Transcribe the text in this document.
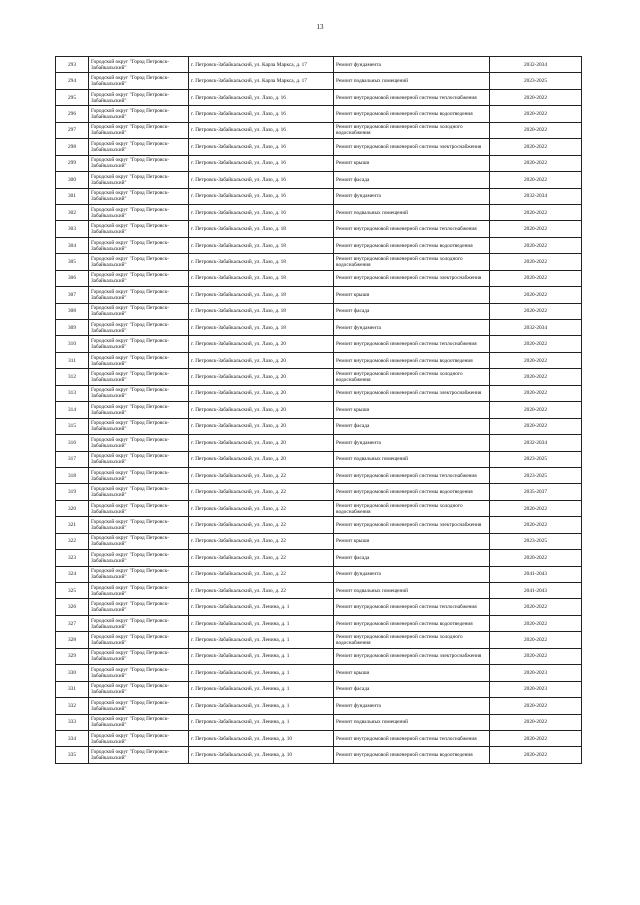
13
293	Городской округ "Город Петровск-Забайкальский"	г. Петровск-Забайкальский, ул. Карла Маркса, д. 17	Ремонт фундамента	2032-2034
294	Городской округ "Город Петровск-Забайкальский"	г. Петровск-Забайкальский, ул. Карла Маркса, д. 17	Ремонт подвальных помещений	2023-2025
295	Городской округ "Город Петровск-Забайкальский"	г. Петровск-Забайкальский, ул. Лазо, д. 16	Ремонт внутридомовой инженерной системы теплоснабжения	2020-2022
296	Городской округ "Город Петровск-Забайкальский"	г. Петровск-Забайкальский, ул. Лазо, д. 16	Ремонт внутридомовой инженерной системы водоотведения	2020-2022
297	Городской округ "Город Петровск-Забайкальский"	г. Петровск-Забайкальский, ул. Лазо, д. 16	Ремонт внутридомовой инженерной системы холодного водоснабжения	2020-2022
298	Городской округ "Город Петровск-Забайкальский"	г. Петровск-Забайкальский, ул. Лазо, д. 16	Ремонт внутридомовой инженерной системы электроснабжения	2020-2022
299	Городской округ "Город Петровск-Забайкальский"	г. Петровск-Забайкальский, ул. Лазо, д. 16	Ремонт крыши	2020-2022
300	Городской округ "Город Петровск-Забайкальский"	г. Петровск-Забайкальский, ул. Лазо, д. 16	Ремонт фасада	2020-2022
301	Городской округ "Город Петровск-Забайкальский"	г. Петровск-Забайкальский, ул. Лазо, д. 16	Ремонт фундамента	2032-2034
302	Городской округ "Город Петровск-Забайкальский"	г. Петровск-Забайкальский, ул. Лазо, д. 16	Ремонт подвальных помещений	2020-2022
303	Городской округ "Город Петровск-Забайкальский"	г. Петровск-Забайкальский, ул. Лазо, д. 18	Ремонт внутридомовой инженерной системы теплоснабжения	2020-2022
304	Городской округ "Город Петровск-Забайкальский"	г. Петровск-Забайкальский, ул. Лазо, д. 18	Ремонт внутридомовой инженерной системы водоотведения	2020-2022
305	Городской округ "Город Петровск-Забайкальский"	г. Петровск-Забайкальский, ул. Лазо, д. 18	Ремонт внутридомовой инженерной системы холодного водоснабжения	2020-2022
306	Городской округ "Город Петровск-Забайкальский"	г. Петровск-Забайкальский, ул. Лазо, д. 18	Ремонт внутридомовой инженерной системы электроснабжения	2020-2022
307	Городской округ "Город Петровск-Забайкальский"	г. Петровск-Забайкальский, ул. Лазо, д. 18	Ремонт крыши	2020-2022
308	Городской округ "Город Петровск-Забайкальский"	г. Петровск-Забайкальский, ул. Лазо, д. 18	Ремонт фасада	2020-2022
309	Городской округ "Город Петровск-Забайкальский"	г. Петровск-Забайкальский, ул. Лазо, д. 18	Ремонт фундамента	2032-2034
310	Городской округ "Город Петровск-Забайкальский"	г. Петровск-Забайкальский, ул. Лазо, д. 20	Ремонт внутридомовой инженерной системы теплоснабжения	2020-2022
311	Городской округ "Город Петровск-Забайкальский"	г. Петровск-Забайкальский, ул. Лазо, д. 20	Ремонт внутридомовой инженерной системы водоотведения	2020-2022
312	Городской округ "Город Петровск-Забайкальский"	г. Петровск-Забайкальский, ул. Лазо, д. 20	Ремонт внутридомовой инженерной системы холодного водоснабжения	2020-2022
313	Городской округ "Город Петровск-Забайкальский"	г. Петровск-Забайкальский, ул. Лазо, д. 20	Ремонт внутридомовой инженерной системы электроснабжения	2020-2022
314	Городской округ "Город Петровск-Забайкальский"	г. Петровск-Забайкальский, ул. Лазо, д. 20	Ремонт крыши	2020-2022
315	Городской округ "Город Петровск-Забайкальский"	г. Петровск-Забайкальский, ул. Лазо, д. 20	Ремонт фасада	2020-2022
316	Городской округ "Город Петровск-Забайкальский"	г. Петровск-Забайкальский, ул. Лазо, д. 20	Ремонт фундамента	2032-2034
317	Городской округ "Город Петровск-Забайкальский"	г. Петровск-Забайкальский, ул. Лазо, д. 20	Ремонт подвальных помещений	2023-2025
318	Городской округ "Город Петровск-Забайкальский"	г. Петровск-Забайкальский, ул. Лазо, д. 22	Ремонт внутридомовой инженерной системы теплоснабжения	2023-2025
319	Городской округ "Город Петровск-Забайкальский"	г. Петровск-Забайкальский, ул. Лазо, д. 22	Ремонт внутридомовой инженерной системы водоотведения	2035-2037
320	Городской округ "Город Петровск-Забайкальский"	г. Петровск-Забайкальский, ул. Лазо, д. 22	Ремонт внутридомовой инженерной системы холодного водоснабжения	2020-2022
321	Городской округ "Город Петровск-Забайкальский"	г. Петровск-Забайкальский, ул. Лазо, д. 22	Ремонт внутридомовой инженерной системы электроснабжения	2020-2022
322	Городской округ "Город Петровск-Забайкальский"	г. Петровск-Забайкальский, ул. Лазо, д. 22	Ремонт крыши	2023-2025
323	Городской округ "Город Петровск-Забайкальский"	г. Петровск-Забайкальский, ул. Лазо, д. 22	Ремонт фасада	2020-2022
324	Городской округ "Город Петровск-Забайкальский"	г. Петровск-Забайкальский, ул. Лазо, д. 22	Ремонт фундамента	2041-2043
325	Городской округ "Город Петровск-Забайкальский"	г. Петровск-Забайкальский, ул. Лазо, д. 22	Ремонт подвальных помещений	2041-2043
326	Городской округ "Город Петровск-Забайкальский"	г. Петровск-Забайкальский, ул. Ленина, д. 1	Ремонт внутридомовой инженерной системы теплоснабжения	2020-2022
327	Городской округ "Город Петровск-Забайкальский"	г. Петровск-Забайкальский, ул. Ленина, д. 1	Ремонт внутридомовой инженерной системы водоотведения	2020-2022
328	Городской округ "Город Петровск-Забайкальский"	г. Петровск-Забайкальский, ул. Ленина, д. 1	Ремонт внутридомовой инженерной системы холодного водоснабжения	2020-2022
329	Городской округ "Город Петровск-Забайкальский"	г. Петровск-Забайкальский, ул. Ленина, д. 1	Ремонт внутридомовой инженерной системы электроснабжения	2020-2022
330	Городской округ "Город Петровск-Забайкальский"	г. Петровск-Забайкальский, ул. Ленина, д. 1	Ремонт крыши	2020-2023
331	Городской округ "Город Петровск-Забайкальский"	г. Петровск-Забайкальский, ул. Ленина, д. 1	Ремонт фасада	2020-2023
332	Городской округ "Город Петровск-Забайкальский"	г. Петровск-Забайкальский, ул. Ленина, д. 1	Ремонт фундамента	2020-2022
333	Городской округ "Город Петровск-Забайкальский"	г. Петровск-Забайкальский, ул. Ленина, д. 1	Ремонт подвальных помещений	2020-2022
334	Городской округ "Город Петровск-Забайкальский"	г. Петровск-Забайкальский, ул. Ленина, д. 10	Ремонт внутридомовой инженерной системы теплоснабжения	2020-2022
335	Городской округ "Город Петровск-Забайкальский"	г. Петровск-Забайкальский, ул. Ленина, д. 10	Ремонт внутридомовой инженерной системы водоотведения	2020-2022
